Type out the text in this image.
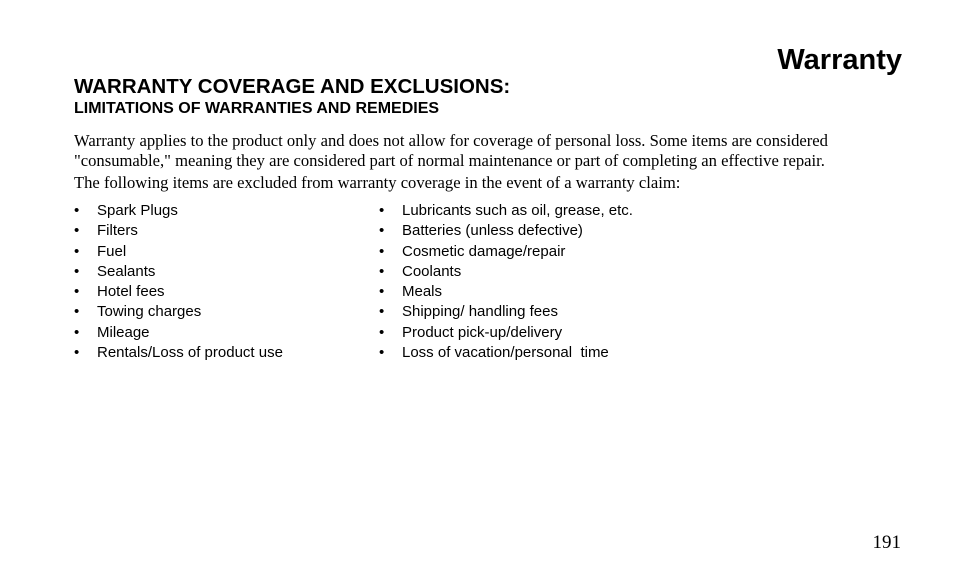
Warranty
WARRANTY COVERAGE AND EXCLUSIONS:
LIMITATIONS OF WARRANTIES AND REMEDIES

Warranty applies to the product only and does not allow for coverage of personal loss. Some items are considered

"consumable," meaning they are considered part of normal maintenance or part of completing an effective repair.

The following items are excluded from warranty coverage in the event of a warranty claim:

• Spark Plugs
• Filters
• Fuel
• Sealants
• Hotel fees
• Towing charges
• Mileage
• Rentals/Loss of product use
• Lubricants such as oil, grease, etc.
• Batteries (unless defective)
• Cosmetic damage/repair
• Coolants
• Meals
• Shipping/ handling fees
• Product pick-up/delivery
• Loss of vacation/personal  time
191
